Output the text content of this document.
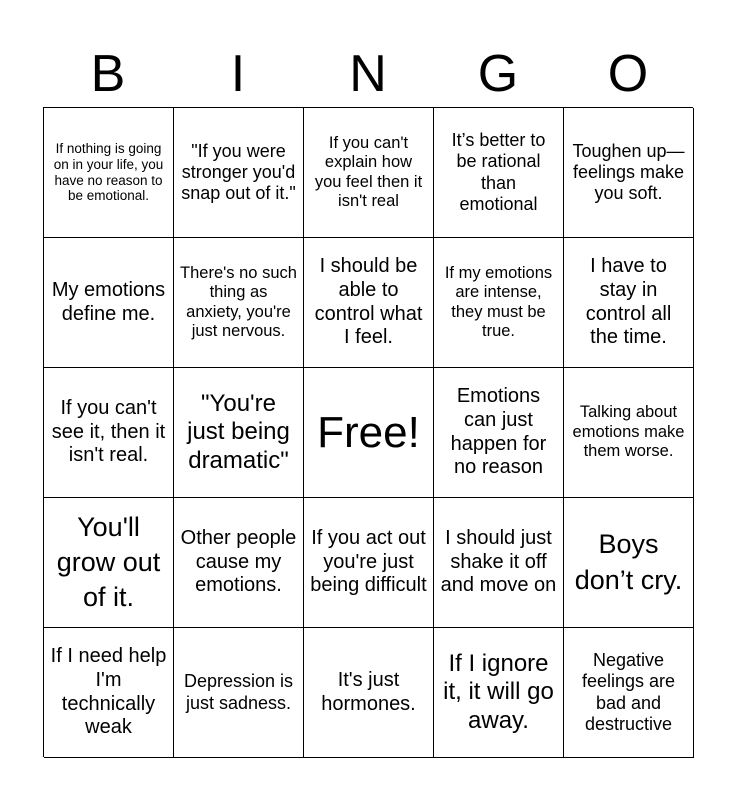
B	I	N	G	O
If nothing is going on in your life, you have no reason to be emotional.
"If you were stronger you'd snap out of it."
If you can't explain how you feel then it isn't real
It’s better to be rational than emotional
Toughen up—feelings make you soft.
My emotions define me.
There's no such thing as anxiety, you're just nervous.
I should be able to control what I feel.
If my emotions are intense, they must be true.
I have to stay in control all the time.
If you can't see it, then it isn't real.
"You're just being dramatic"
Free!
Emotions can just happen for no reason
Talking about emotions make them worse.
You'll grow out of it.
Other people cause my emotions.
If you act out you're just being difficult
I should just shake it off and move on
Boys don’t cry.
If I need help I'm technically weak
Depression is just sadness.
It's just hormones.
If I ignore it, it will go away.
Negative feelings are bad and destructive
